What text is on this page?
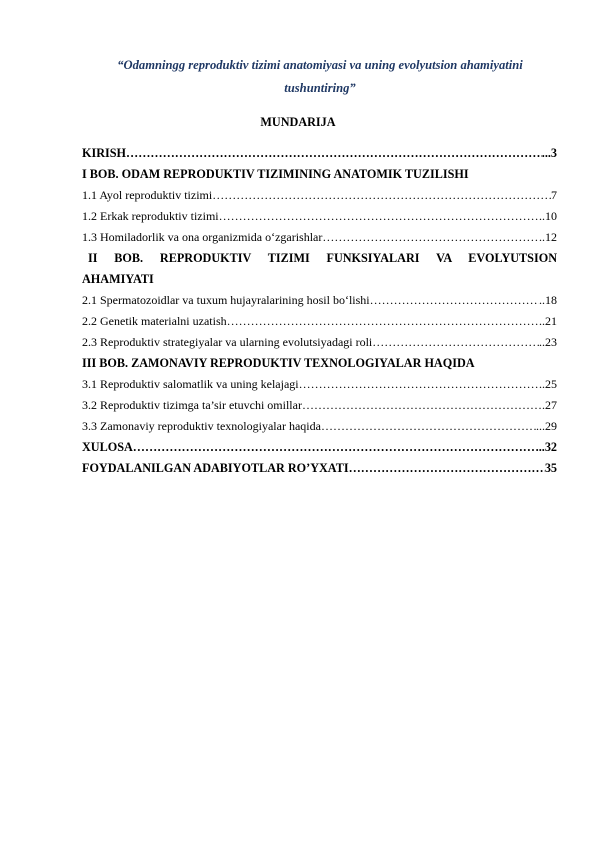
“Odamningg reproduktiv tizimi anatomiyasi va uning evolyutsion ahamiyatini tushuntiring”
MUNDARIJA
KIRISH ……………………………………………………………………………………………………………………………………………………………………	...3
I BOB. ODAM REPRODUKTIV TIZIMINING ANATOMIK TUZILISHI
1.1 Ayol reproduktiv tizimi ……………………………………………………………………………………………………………………………………………………………………	7
1.2 Erkak reproduktiv tizimi ……………………………………………………………………………………………………………………………………………………………………	..10
1.3 Homiladorlik va ona organizmida o‘zgarishlar ……………………………………………………………………………………………………………………………………………………………………	..12
II BOB. REPRODUKTIV TIZIMI FUNKSIYALARI VA EVOLYUTSION
AHAMIYATI
2.1 Spermatozoidlar va tuxum hujayralarining hosil bo‘lishi ……………………………………………………………………………………………………………………………………………………………………	..18
2.2 Genetik materialni uzatish ……………………………………………………………………………………………………………………………………………………………………	..21
2.3 Reproduktiv strategiyalar va ularning evolutsiyadagi roli ……………………………………………………………………………………………………………………………………………………………………	..23
III BOB. ZAMONAVIY REPRODUKTIV TEXNOLOGIYALAR HAQIDA
3.1 Reproduktiv salomatlik va uning kelajagi ……………………………………………………………………………………………………………………………………………………………………	..25
3.2 Reproduktiv tizimga ta’sir etuvchi omillar ……………………………………………………………………………………………………………………………………………………………………	.27
3.3 Zamonaviy reproduktiv texnologiyalar haqida ……………………………………………………………………………………………………………………………………………………………………	...29
XULOSA ……………………………………………………………………………………………………………………………………………………………………	...32
FOYDALANILGAN ADABIYOTLAR RO’YXATI ……………………………………………………………………………………………………………………………………………………………………	35
